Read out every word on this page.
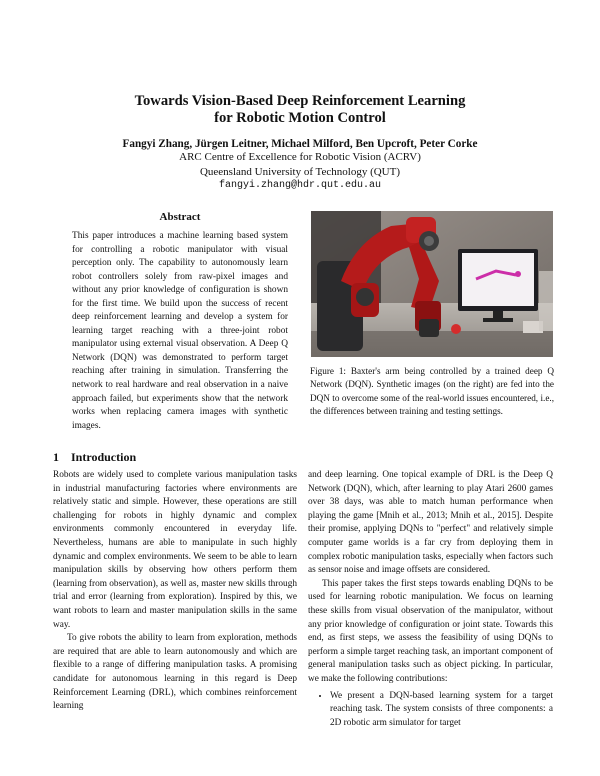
Towards Vision-Based Deep Reinforcement Learning
for Robotic Motion Control
Fangyi Zhang, Jürgen Leitner, Michael Milford, Ben Upcroft, Peter Corke
ARC Centre of Excellence for Robotic Vision (ACRV)
Queensland University of Technology (QUT)
fangyi.zhang@hdr.qut.edu.au
Abstract
This paper introduces a machine learning based system for controlling a robotic manipulator with visual perception only. The capability to autonomously learn robot controllers solely from raw-pixel images and without any prior knowledge of configuration is shown for the first time. We build upon the success of recent deep reinforcement learning and develop a system for learning target reaching with a three-joint robot manipulator using external visual observation. A Deep Q Network (DQN) was demonstrated to perform target reaching after training in simulation. Transferring the network to real hardware and real observation in a naive approach failed, but experiments show that the network works when replacing camera images with synthetic images.
Figure 1: Baxter's arm being controlled by a trained deep Q Network (DQN). Synthetic images (on the right) are fed into the DQN to overcome some of the real-world issues encountered, i.e., the differences between training and testing settings.
1 Introduction

Robots are widely used to complete various manipulation tasks in industrial manufacturing factories where environments are relatively static and simple. However, these operations are still challenging for robots in highly dynamic and complex environments commonly encountered in everyday life. Nevertheless, humans are able to manipulate in such highly dynamic and complex environments. We seem to be able to learn manipulation skills by observing how others perform them (learning from observation), as well as, master new skills through trial and error (learning from exploration). Inspired by this, we want robots to learn and master manipulation skills in the same way.

To give robots the ability to learn from exploration, methods are required that are able to learn autonomously and which are flexible to a range of differing manipulation tasks. A promising candidate for autonomous learning in this regard is Deep Reinforcement Learning (DRL), which combines reinforcement learning

and deep learning. One topical example of DRL is the Deep Q Network (DQN), which, after learning to play Atari 2600 games over 38 days, was able to match human performance when playing the game [Mnih et al., 2013; Mnih et al., 2015]. Despite their promise, applying DQNs to "perfect" and relatively simple computer game worlds is a far cry from deploying them in complex robotic manipulation tasks, especially when factors such as sensor noise and image offsets are considered.

This paper takes the first steps towards enabling DQNs to be used for learning robotic manipulation. We focus on learning these skills from visual observation of the manipulator, without any prior knowledge of configuration or joint state. Towards this end, as first steps, we assess the feasibility of using DQNs to perform a simple target reaching task, an important component of general manipulation tasks such as object picking. In particular, we make the following contributions:

• We present a DQN-based learning system for a target reaching task. The system consists of three components: a 2D robotic arm simulator for target
